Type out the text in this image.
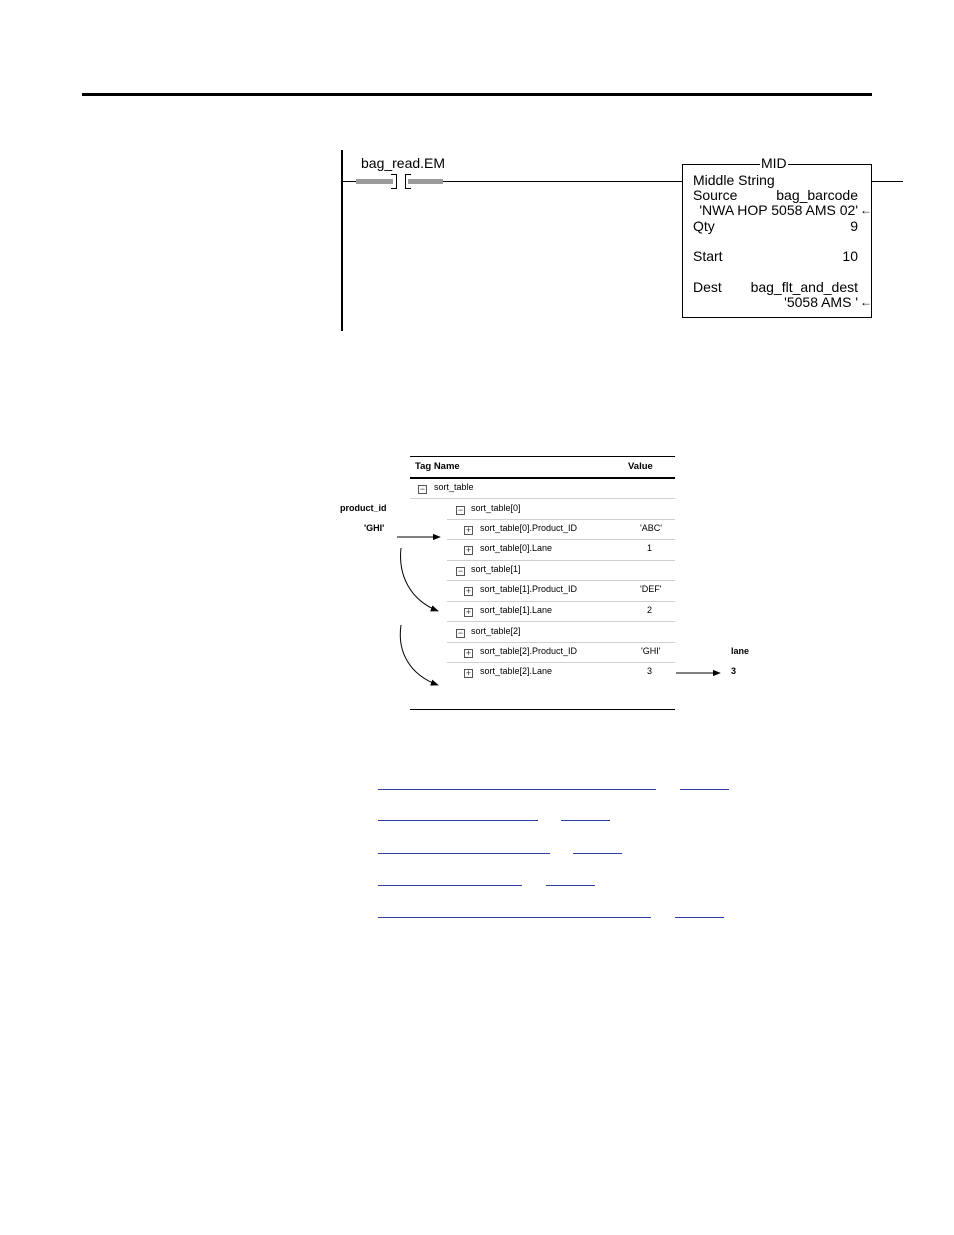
bag_read.EM	MID
Middle String
Source	bag_barcode
'NWA HOP 5058 AMS 02' ←
Qty	9
Start	10
Dest	bag_flt_and_dest
'5058 AMS ' ←
Tag Name	Value
− sort_table
− sort_table[0]
+ sort_table[0].Product_ID	'ABC'
+ sort_table[0].Lane	1
− sort_table[1]
+ sort_table[1].Product_ID	'DEF'
+ sort_table[1].Lane	2
− sort_table[2]
+ sort_table[2].Product_ID	'GHI'
+ sort_table[2].Lane	3
product_id
'GHI'
lane
3
